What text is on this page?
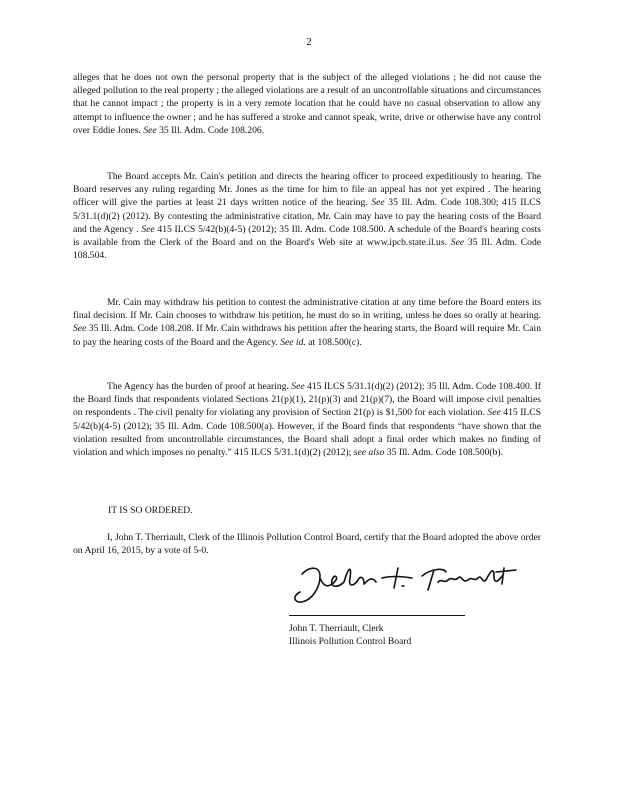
2

alleges that he does not own the personal property that is the subject of the alleged violations ; he did not cause the alleged pollution to the real property ; the alleged violations are a result of an uncontrollable situations and circumstances that he cannot impact ; the property is in a very remote location that he could have no casual observation to allow any attempt to influence the owner ; and he has suffered a stroke and cannot speak, write, drive or otherwise have any control over Eddie Jones. See 35 Ill. Adm. Code 108.206.

The Board accepts Mr. Cain's petition and directs the hearing officer to proceed expeditiously to hearing. The Board reserves any ruling regarding Mr. Jones as the time for him to file an appeal has not yet expired . The hearing officer will give the parties at least 21 days written notice of the hearing. See 35 Ill. Adm. Code 108.300; 415 ILCS 5/31.1(d)(2) (2012). By contesting the administrative citation, Mr. Cain may have to pay the hearing costs of the Board and the Agency . See 415 ILCS 5/42(b)(4-5) (2012); 35 Ill. Adm. Code 108.500. A schedule of the Board's hearing costs is available from the Clerk of the Board and on the Board's Web site at www.ipcb.state.il.us. See 35 Ill. Adm. Code 108.504.

Mr. Cain may withdraw his petition to contest the administrative citation at any time before the Board enters its final decision. If Mr. Cain chooses to withdraw his petition, he must do so in writing, unless he does so orally at hearing. See 35 Ill. Adm. Code 108.208. If Mr. Cain withdraws his petition after the hearing starts, the Board will require Mr. Cain to pay the hearing costs of the Board and the Agency. See id. at 108.500(c).

The Agency has the burden of proof at hearing. See 415 ILCS 5/31.1(d)(2) (2012); 35 Ill. Adm. Code 108.400. If the Board finds that respondents violated Sections 21(p)(1), 21(p)(3) and 21(p)(7), the Board will impose civil penalties on respondents . The civil penalty for violating any provision of Section 21(p) is $1,500 for each violation. See 415 ILCS 5/42(b)(4-5) (2012); 35 Ill. Adm. Code 108.500(a). However, if the Board finds that respondents “have shown that the violation resulted from uncontrollable circumstances, the Board shall adopt a final order which makes no finding of violation and which imposes no penalty.” 415 ILCS 5/31.1(d)(2) (2012); see also 35 Ill. Adm. Code 108.500(b).

IT IS SO ORDERED.

I, John T. Therriault, Clerk of the Illinois Pollution Control Board, certify that the Board adopted the above order on April 16, 2015, by a vote of 5-0.

John T. Therriault, Clerk
Illinois Pollution Control Board
